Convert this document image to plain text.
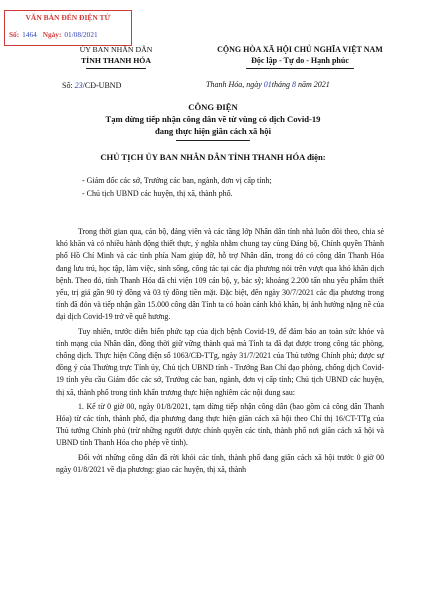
VĂN BẢN ĐẾN ĐIỆN TỬ
Số: 1464 Ngày: 01/08/2021
ỦY BAN NHÂN DÂN
TỈNH THANH HÓA
CỘNG HÒA XÃ HỘI CHỦ NGHĨA VIỆT NAM
Độc lập - Tự do - Hạnh phúc
Số: 23/CĐ-UBND	Thanh Hóa, ngày 01tháng 8 năm 2021
CÔNG ĐIỆN
Tạm dừng tiếp nhận công dân về từ vùng có dịch Covid-19
đang thực hiện giãn cách xã hội
CHỦ TỊCH ỦY BAN NHÂN DÂN TỈNH THANH HÓA điện:
- Giám đốc các sở, Trưởng các ban, ngành, đơn vị cấp tỉnh;
- Chủ tịch UBND các huyện, thị xã, thành phố.

Trong thời gian qua, cán bộ, đảng viên và các tầng lớp Nhân dân tỉnh nhà luôn dõi theo, chia sẻ khó khăn và có nhiều hành động thiết thực, ý nghĩa nhằm chung tay cùng Đảng bộ, Chính quyền Thành phố Hồ Chí Minh và các tỉnh phía Nam giúp đỡ, hỗ trợ Nhân dân, trong đó có công dân Thanh Hóa đang lưu trú, học tập, làm việc, sinh sống, công tác tại các địa phương nói trên vượt qua khó khăn dịch bệnh. Theo đó, tỉnh Thanh Hóa đã chi viện 109 cán bộ, y, bác sỹ; khoảng 2.200 tấn nhu yếu phẩm thiết yếu, trị giá gần 90 tỷ đồng và 03 tỷ đồng tiền mặt. Đặc biệt, đến ngày 30/7/2021 các địa phương trong tỉnh đã đón và tiếp nhận gần 15.000 công dân Tỉnh ta có hoàn cảnh khó khăn, bị ảnh hưởng nặng nề của đại dịch Covid-19 trở về quê hương.

Tuy nhiên, trước diễn biến phức tạp của dịch bệnh Covid-19, để đảm bảo an toàn sức khỏe và tính mạng của Nhân dân, đồng thời giữ vững thành quả mà Tỉnh ta đã đạt được trong công tác phòng, chống dịch. Thực hiện Công điện số 1063/CĐ-TTg, ngày 31/7/2021 của Thủ tướng Chính phủ; được sự đồng ý của Thường trực Tỉnh ủy, Chủ tịch UBND tỉnh - Trưởng Ban Chỉ đạo phòng, chống dịch Covid-19 tỉnh yêu cầu Giám đốc các sở, Trưởng các ban, ngành, đơn vị cấp tỉnh; Chủ tịch UBND các huyện, thị xã, thành phố trong tỉnh khẩn trương thực hiện nghiêm các nội dung sau:

1. Kể từ 0 giờ 00, ngày 01/8/2021, tạm dừng tiếp nhận công dân (bao gồm cả công dân Thanh Hóa) từ các tỉnh, thành phố, địa phương đang thực hiện giãn cách xã hội theo Chỉ thị 16/CT-TTg của Thủ tướng Chính phủ (trừ những người được chính quyền các tỉnh, thành phố nơi giãn cách xã hội và UBND tỉnh Thanh Hóa cho phép về tỉnh).

Đối với những công dân đã rời khỏi các tỉnh, thành phố đang giãn cách xã hội trước 0 giờ 00 ngày 01/8/2021 về địa phương: giao các huyện, thị xã, thành
